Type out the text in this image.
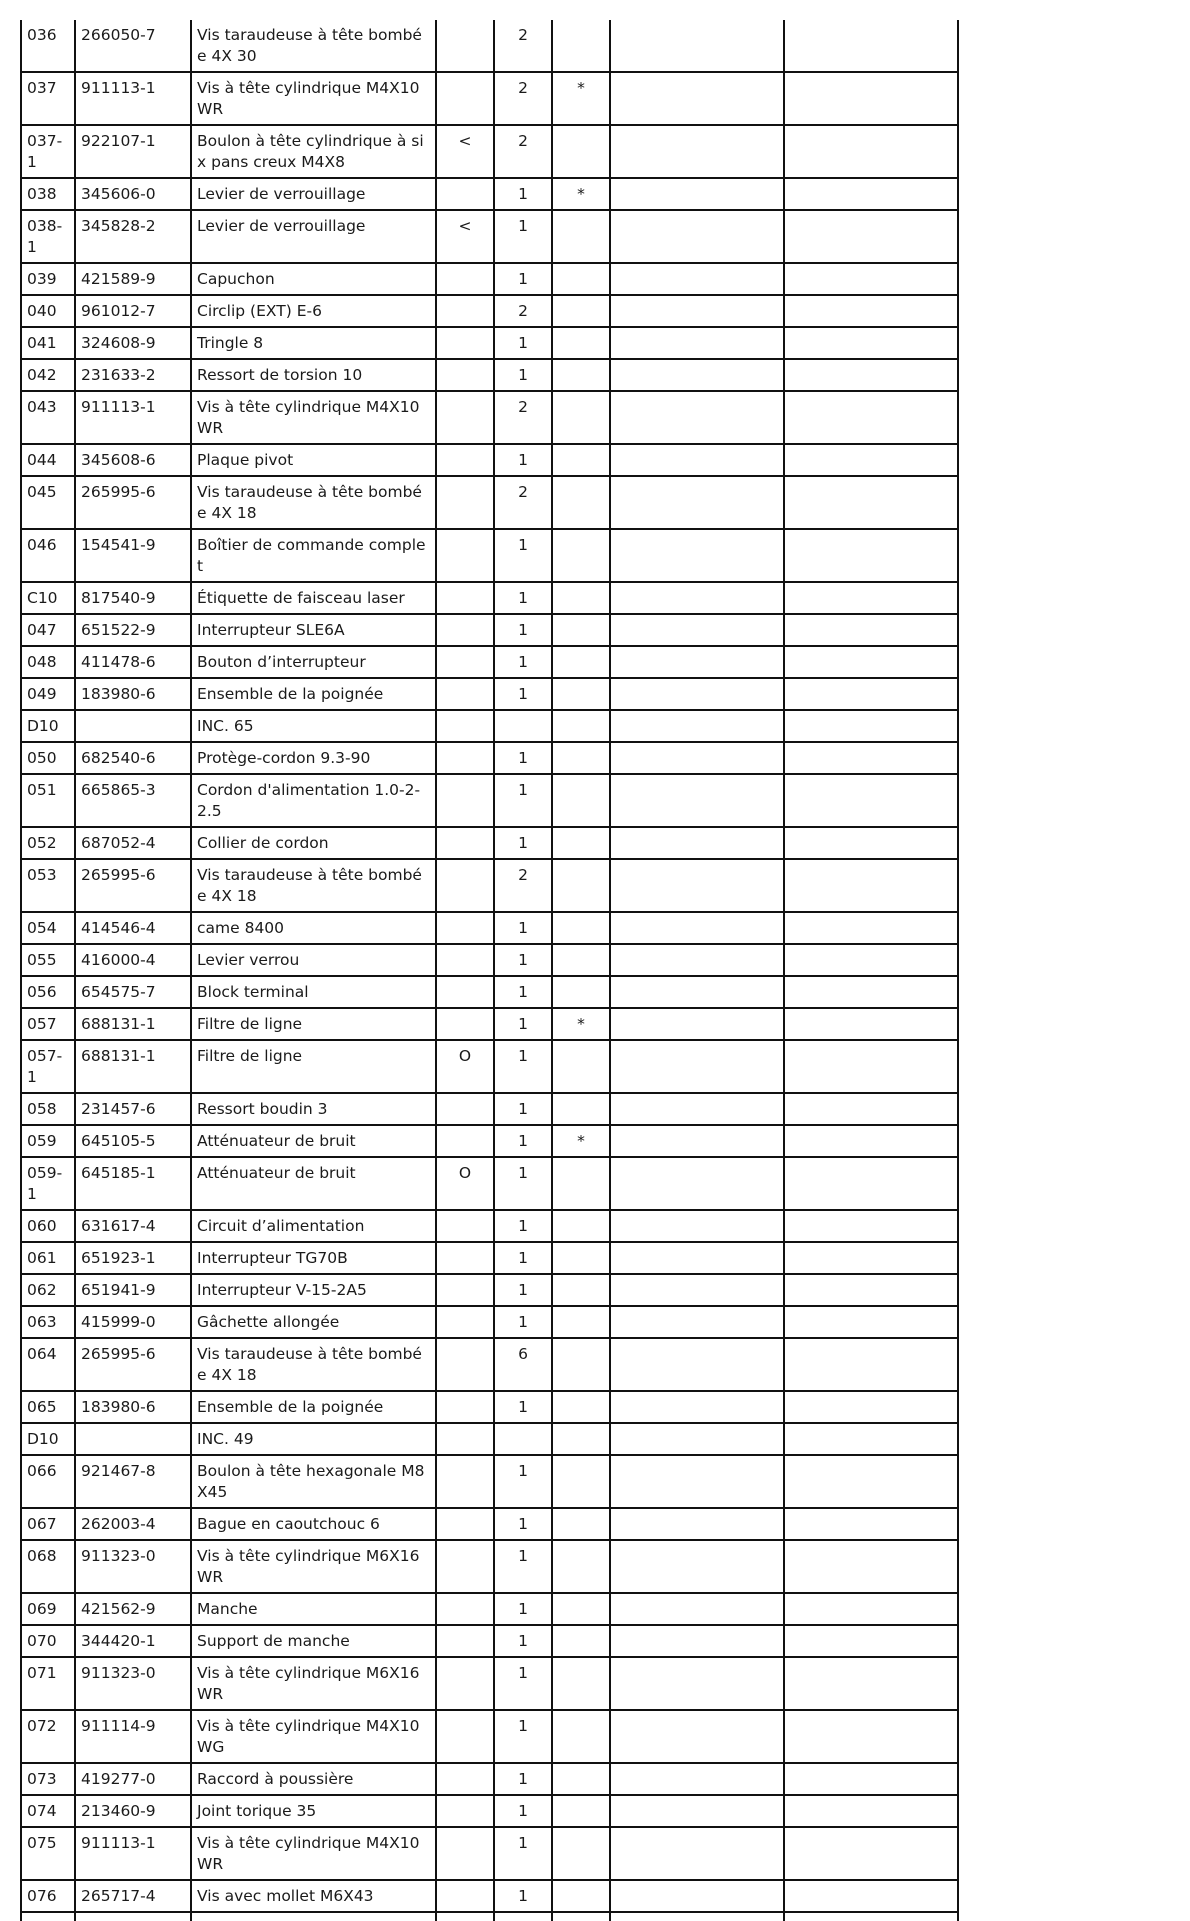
036	266050-7	Vis taraudeuse à tête bombée 4X 30		2			
037	911113-1	Vis à tête cylindrique M4X10 WR		2	*		
037-1	922107-1	Boulon à tête cylindrique à six pans creux M4X8	<	2			
038	345606-0	Levier de verrouillage		1	*		
038-1	345828-2	Levier de verrouillage	<	1			
039	421589-9	Capuchon		1			
040	961012-7	Circlip (EXT) E-6		2			
041	324608-9	Tringle 8		1			
042	231633-2	Ressort de torsion 10		1			
043	911113-1	Vis à tête cylindrique M4X10 WR		2			
044	345608-6	Plaque pivot		1			
045	265995-6	Vis taraudeuse à tête bombée 4X 18		2			
046	154541-9	Boîtier de commande complet		1			
C10	817540-9	Étiquette de faisceau laser		1			
047	651522-9	Interrupteur SLE6A		1			
048	411478-6	Bouton d’interrupteur		1			
049	183980-6	Ensemble de la poignée		1			
D10		INC. 65					
050	682540-6	Protège-cordon 9.3-90		1			
051	665865-3	Cordon d'alimentation 1.0-2-2.5		1			
052	687052-4	Collier de cordon		1			
053	265995-6	Vis taraudeuse à tête bombée 4X 18		2			
054	414546-4	came 8400		1			
055	416000-4	Levier verrou		1			
056	654575-7	Block terminal		1			
057	688131-1	Filtre de ligne		1	*		
057-1	688131-1	Filtre de ligne	O	1			
058	231457-6	Ressort boudin 3		1			
059	645105-5	Atténuateur de bruit		1	*		
059-1	645185-1	Atténuateur de bruit	O	1			
060	631617-4	Circuit d’alimentation		1			
061	651923-1	Interrupteur TG70B		1			
062	651941-9	Interrupteur V-15-2A5		1			
063	415999-0	Gâchette allongée		1			
064	265995-6	Vis taraudeuse à tête bombée 4X 18		6			
065	183980-6	Ensemble de la poignée		1			
D10		INC. 49					
066	921467-8	Boulon à tête hexagonale M8X45		1			
067	262003-4	Bague en caoutchouc 6		1			
068	911323-0	Vis à tête cylindrique M6X16 WR		1			
069	421562-9	Manche		1			
070	344420-1	Support de manche		1			
071	911323-0	Vis à tête cylindrique M6X16 WR		1			
072	911114-9	Vis à tête cylindrique M4X10 WG		1			
073	419277-0	Raccord à poussière		1			
074	213460-9	Joint torique 35		1			
075	911113-1	Vis à tête cylindrique M4X10 WR		1			
076	265717-4	Vis avec mollet M6X43		1			
